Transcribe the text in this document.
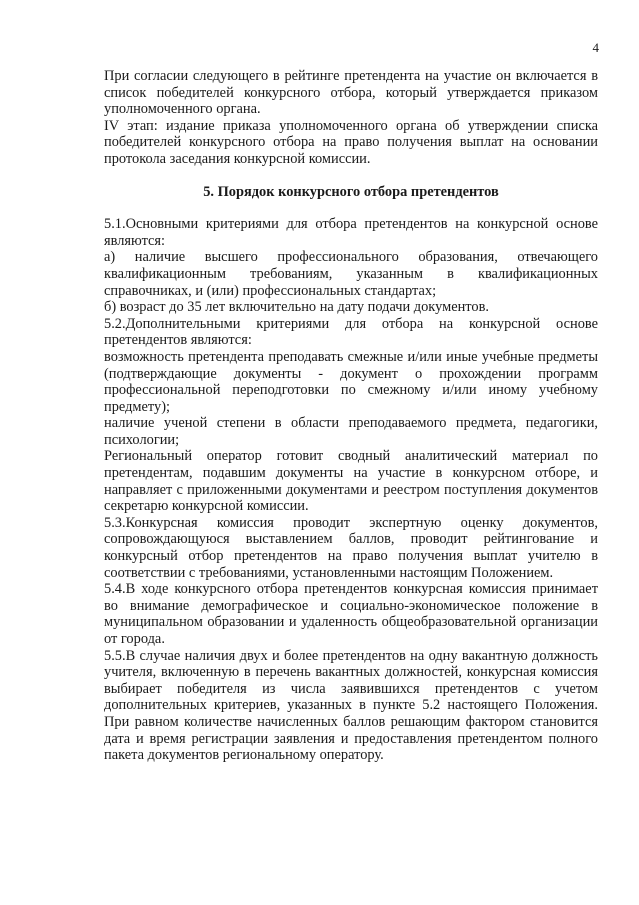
4

При согласии следующего в рейтинге претендента на участие он включается в список победителей конкурсного отбора, который утверждается приказом уполномоченного органа.

IV этап: издание приказа уполномоченного органа об утверждении списка победителей конкурсного отбора на право получения выплат на основании протокола заседания конкурсной комиссии.

5. Порядок конкурсного отбора претендентов

5.1.Основными критериями для отбора претендентов на конкурсной основе являются:

а) наличие высшего профессионального образования, отвечающего квалификационным требованиям, указанным в квалификационных справочниках, и (или) профессиональных стандартах;

б) возраст до 35 лет включительно на дату подачи документов.

5.2.Дополнительными критериями для отбора на конкурсной основе претендентов являются:

возможность претендента преподавать смежные и/или иные учебные предметы (подтверждающие документы - документ о прохождении программ профессиональной переподготовки по смежному и/или иному учебному предмету);

наличие ученой степени в области преподаваемого предмета, педагогики, психологии;

Региональный оператор готовит сводный аналитический материал по претендентам, подавшим документы на участие в конкурсном отборе, и направляет с приложенными документами и реестром поступления документов секретарю конкурсной комиссии.

5.3.Конкурсная комиссия проводит экспертную оценку документов, сопровождающуюся выставлением баллов, проводит рейтингование и конкурсный отбор претендентов на право получения выплат учителю в соответствии с требованиями, установленными настоящим Положением.

5.4.В ходе конкурсного отбора претендентов конкурсная комиссия принимает во внимание демографическое и социально-экономическое положение в муниципальном образовании и удаленность общеобразовательной организации от города.

5.5.В случае наличия двух и более претендентов на одну вакантную должность учителя, включенную в перечень вакантных должностей, конкурсная комиссия выбирает победителя из числа заявившихся претендентов с учетом дополнительных критериев, указанных в пункте 5.2 настоящего Положения. При равном количестве начисленных баллов решающим фактором становится дата и время регистрации заявления и предоставления претендентом полного пакета документов региональному оператору.
